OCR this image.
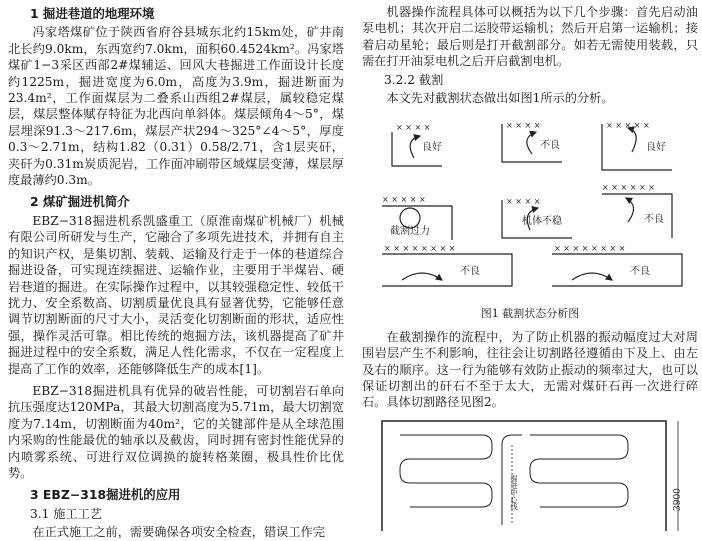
1 掘进巷道的地理环境

冯家塔煤矿位于陕西省府谷县城东北约15km处，矿井南北长约9.0km，东西宽约7.0km，面积60.4524km²。冯家塔煤矿1−3采区西部2#煤辅运、回风大巷掘进工作面设计长度约1225m，掘进宽度为6.0m，高度为3.9m，掘进断面为23.4m²，工作面煤层为二叠系山西组2#煤层，属较稳定煤层，煤层整体赋存特征为北西向单斜体。煤层倾角4～5°，煤层埋深91.3～217.6m，煤层产状294～325°∠4～5°，厚度0.3～2.71m，结构1.82（0.31）0.58/2.71，含1层夹矸，夹矸为0.31m炭质泥岩，工作面冲刷带区域煤层变薄，煤层厚度最薄约0.3m。

2 煤矿掘进机简介

EBZ−318掘进机系凯盛重工（原淮南煤矿机械厂）机械有限公司所研发与生产，它融合了多项先进技术，并拥有自主的知识产权，是集切割、装载、运输及行走于一体的巷道综合掘进设备，可实现连续掘进、运输作业，主要用于半煤岩、硬岩巷道的掘进。在实际操作过程中，以其较强稳定性、较低干扰力、安全系数高、切割质量优良具有显著优势，它能够任意调节切割断面的尺寸大小，灵活变化切割断面的形状，适应性强，操作灵活可靠。相比传统的炮掘方法，该机器提高了矿井掘进过程中的安全系数，满足人性化需求，不仅在一定程度上提高了工作的效率，还能够降低生产的成本[1]。

EBZ−318掘进机具有优异的破岩性能，可切割岩石单向抗压强度达120MPa，其最大切割高度为5.71m，最大切割宽度为7.14m，切割断面为40m²，它的关键部件是从全球范围内采购的性能最优的轴承以及截齿，同时拥有密封性能优异的内喷雾系统、可进行双位调换的旋转格莱圈，极具性价比优势。

3 EBZ−318掘进机的应用
3.1 施工工艺

在正式施工之前，需要确保各项安全检查，错误工作完

机器操作流程具体可以概括为以下几个步骤：首先启动油泵电机；其次开启二运胶带运输机；然后开启第一运输机；接着启动星轮；最后则是打开截割部分。如若无需使用装载，只需在打开油泵电机之后开启截割电机。

3.2.2 截割

本文先对截割状态做出如图1所示的分析。

× × × ×	× × × ×	× × × × ×
× × × × ×	× × × ×
× × × × × ×
× × × × × × × ×	× × × × × × × ×
良好	不良	良好
截割过力
机体不稳	不良
不良	不良
图1 截割状态分析图

在截割操作的流程中，为了防止机器的振动幅度过大对周围岩层产生不利影响，往往会让切割路径遵循由下及上、由左及右的顺序。这一行为能够有效防止振动的频率过大，也可以保证切割出的矸石不至于太大，无需对煤矸石再一次进行碎石。具体切割路径见图2。

掘进中心线	3900
